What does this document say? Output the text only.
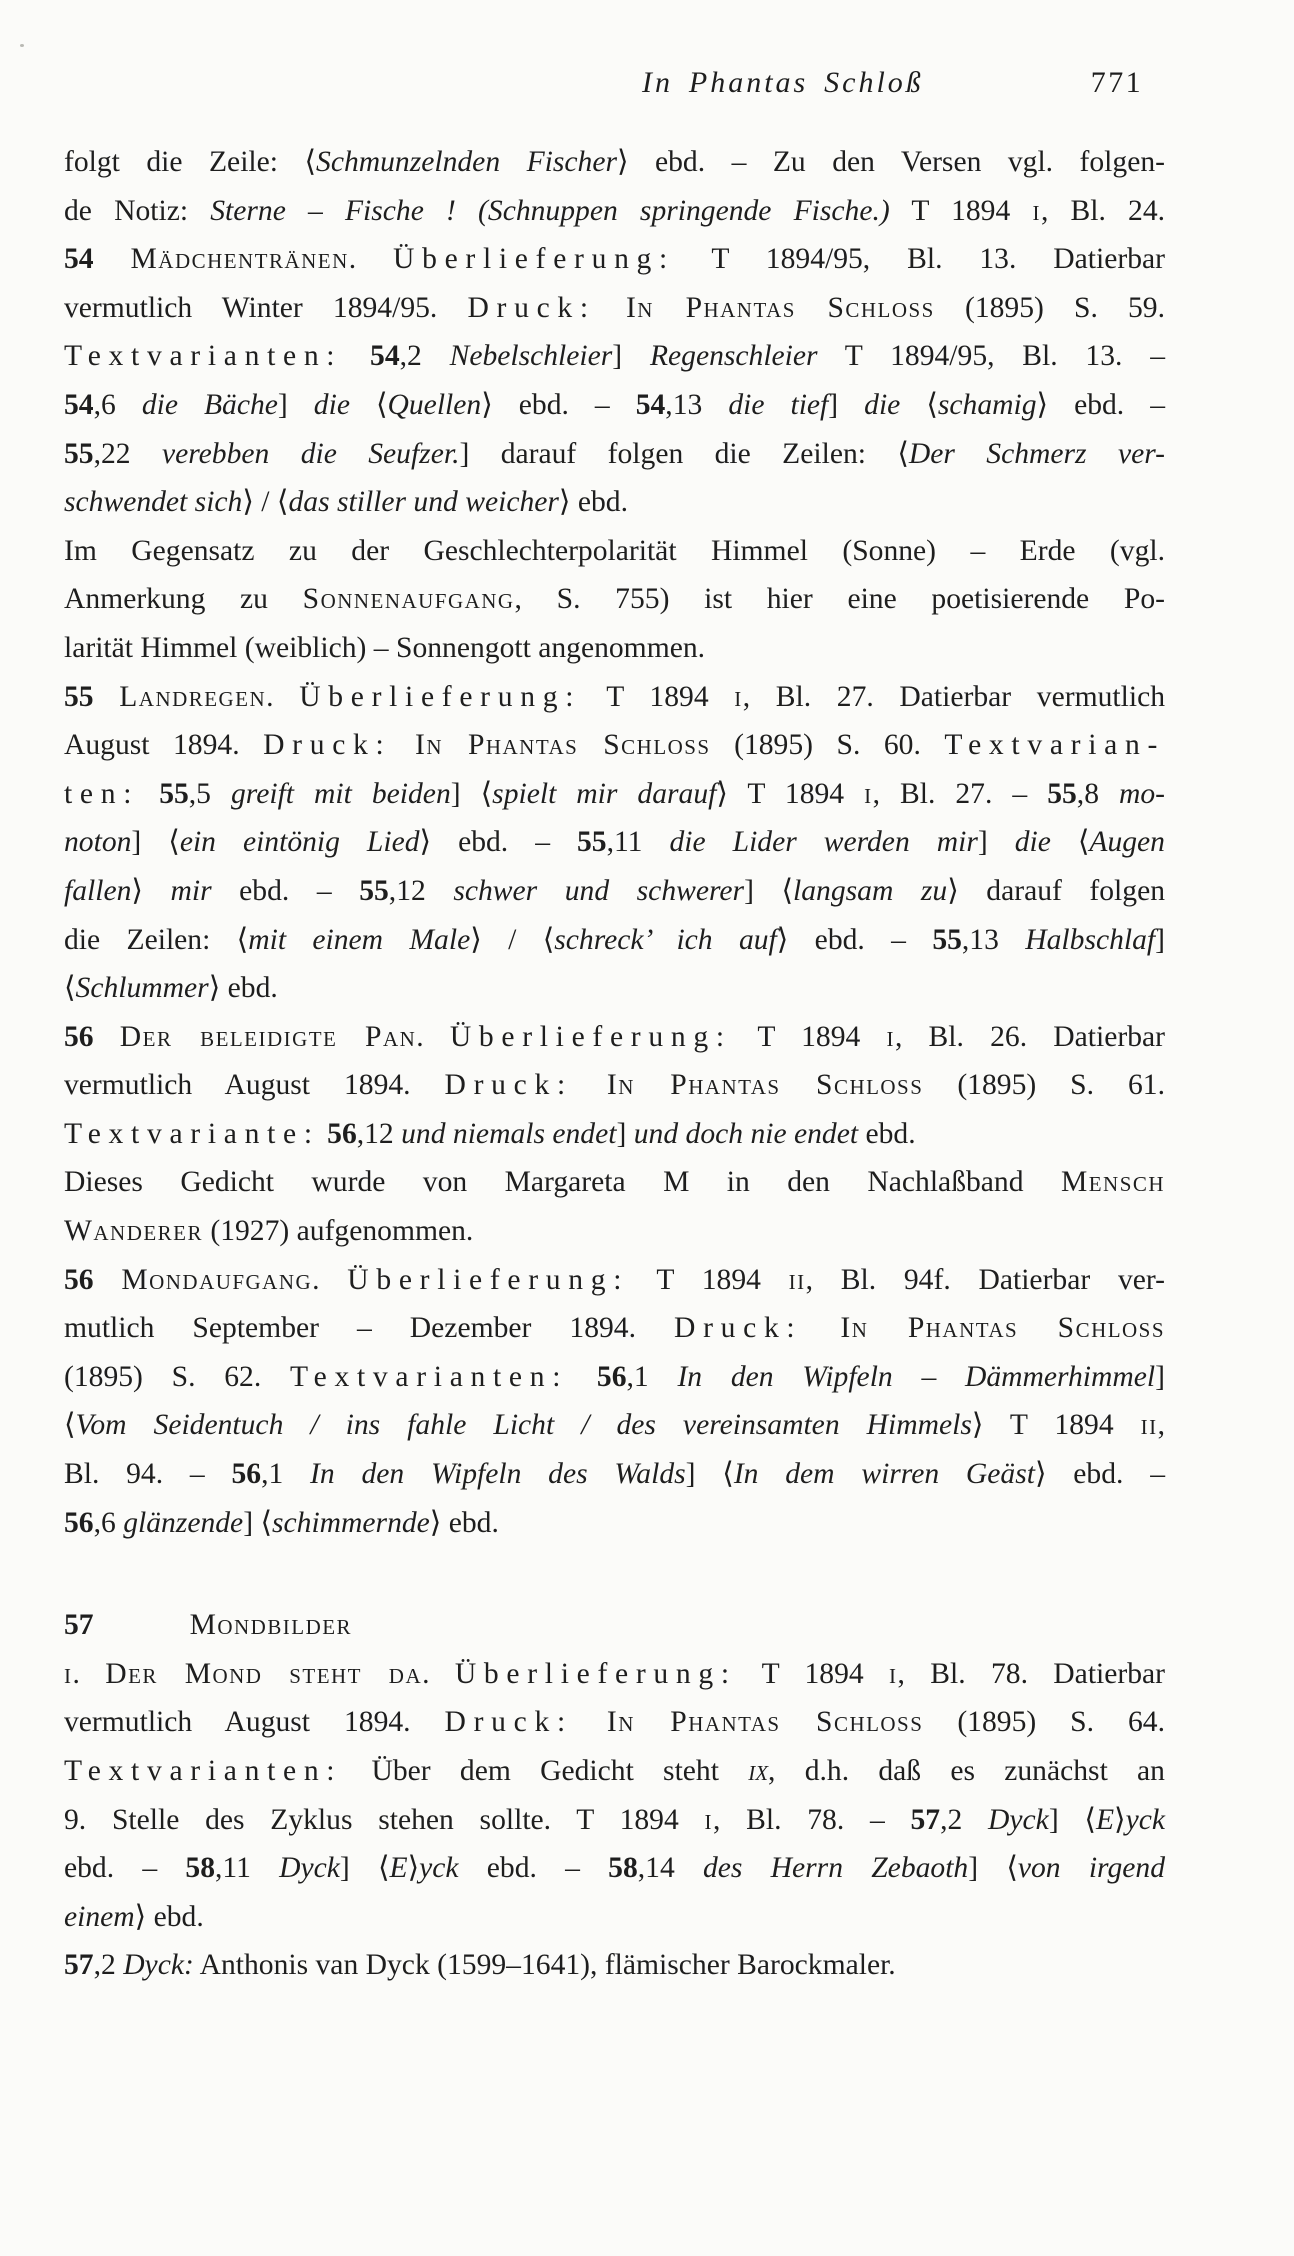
In Phantas Schloß	771
folgt die Zeile: ⟨Schmunzelnden Fischer⟩ ebd. – Zu den Versen vgl. folgen-
de Notiz: Sterne – Fische ! (Schnuppen springende Fische.) T 1894 i, Bl. 24.
54 Mädchentränen. Überlieferung: T 1894/95, Bl. 13. Datierbar
vermutlich Winter 1894/95. Druck: In Phantas Schloss (1895) S. 59.
Textvarianten: 54,2 Nebelschleier] Regenschleier T 1894/95, Bl. 13. –
54,6 die Bäche] die ⟨Quellen⟩ ebd. – 54,13 die tief] die ⟨schamig⟩ ebd. –
55,22 verebben die Seufzer.] darauf folgen die Zeilen: ⟨Der Schmerz ver-
schwendet sich⟩ / ⟨das stiller und weicher⟩ ebd.
Im Gegensatz zu der Geschlechterpolarität Himmel (Sonne) – Erde (vgl.
Anmerkung zu Sonnenaufgang, S. 755) ist hier eine poetisierende Po-
larität Himmel (weiblich) – Sonnengott angenommen.
55 Landregen. Überlieferung: T 1894 i, Bl. 27. Datierbar vermutlich
August 1894. Druck: In Phantas Schloss (1895) S. 60. Textvarian-
ten: 55,5 greift mit beiden] ⟨spielt mir darauf⟩ T 1894 i, Bl. 27. – 55,8 mo-
noton] ⟨ein eintönig Lied⟩ ebd. – 55,11 die Lider werden mir] die ⟨Augen
fallen⟩ mir ebd. – 55,12 schwer und schwerer] ⟨langsam zu⟩ darauf folgen
die Zeilen: ⟨mit einem Male⟩ / ⟨schreck’ ich auf⟩ ebd. – 55,13 Halbschlaf]
⟨Schlummer⟩ ebd.
56 Der beleidigte Pan. Überlieferung: T 1894 i, Bl. 26. Datierbar
vermutlich August 1894. Druck: In Phantas Schloss (1895) S. 61.
Textvariante: 56,12 und niemals endet] und doch nie endet ebd.
Dieses Gedicht wurde von Margareta M in den Nachlaßband Mensch
Wanderer (1927) aufgenommen.
56 Mondaufgang. Überlieferung: T 1894 ii, Bl. 94f. Datierbar ver-
mutlich September – Dezember 1894. Druck: In Phantas Schloss
(1895) S. 62. Textvarianten: 56,1 In den Wipfeln – Dämmerhimmel]
⟨Vom Seidentuch / ins fahle Licht / des vereinsamten Himmels⟩ T 1894 ii,
Bl. 94. – 56,1 In den Wipfeln des Walds] ⟨In dem wirren Geäst⟩ ebd. –
56,6 glänzende] ⟨schimmernde⟩ ebd.
57	Mondbilder
i. Der Mond steht da. Überlieferung: T 1894 i, Bl. 78. Datierbar
vermutlich August 1894. Druck: In Phantas Schloss (1895) S. 64.
Textvarianten: Über dem Gedicht steht ix, d.h. daß es zunächst an
9. Stelle des Zyklus stehen sollte. T 1894 i, Bl. 78. – 57,2 Dyck] ⟨E⟩yck
ebd. – 58,11 Dyck] ⟨E⟩yck ebd. – 58,14 des Herrn Zebaoth] ⟨von irgend
einem⟩ ebd.
57,2 Dyck: Anthonis van Dyck (1599–1641), flämischer Barockmaler.
